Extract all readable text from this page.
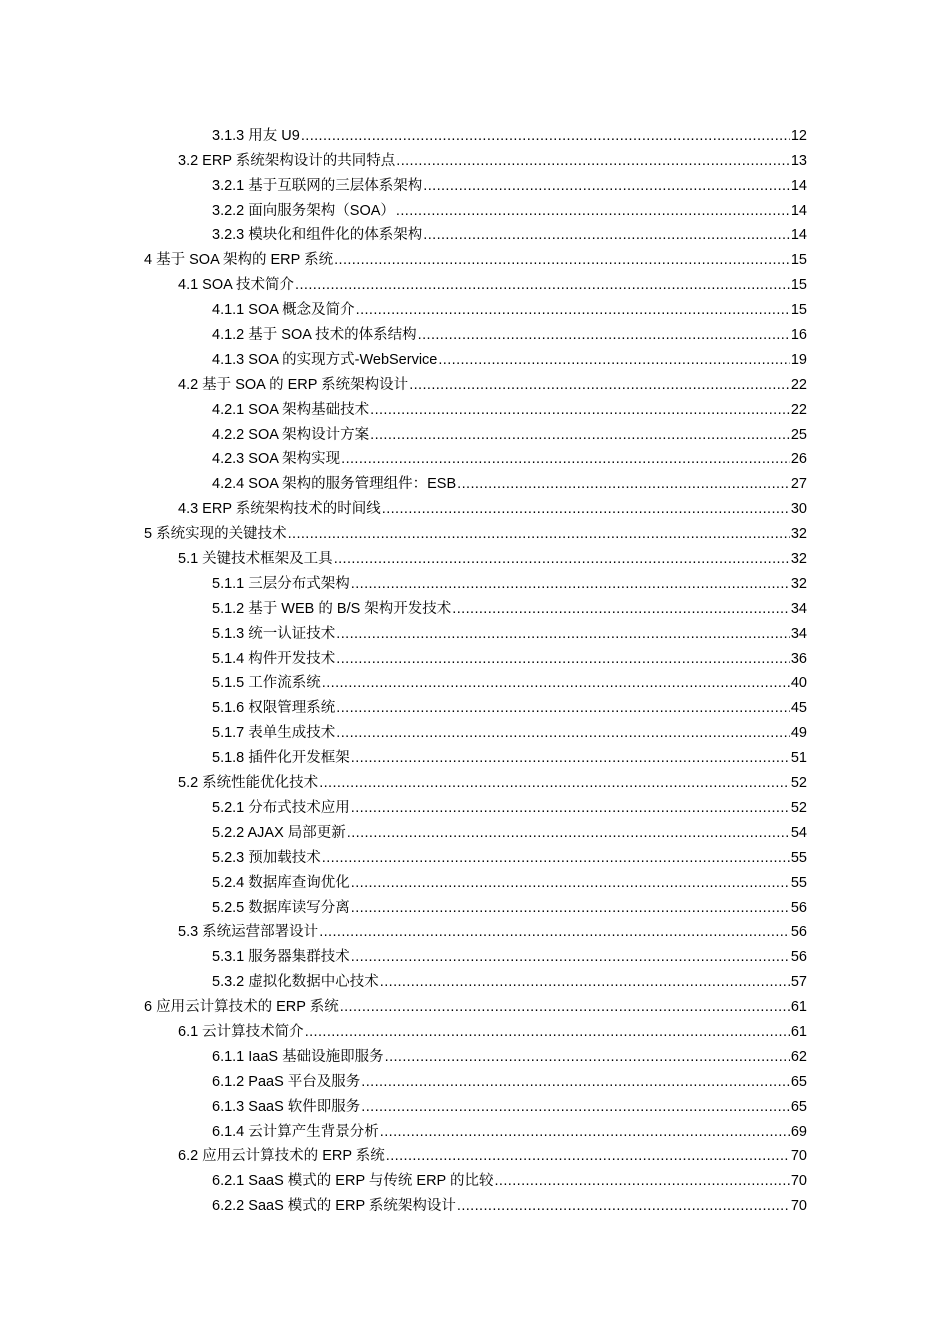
3.1.3 用友 U9 .....	12
3.2 ERP 系统架构设计的共同特点 .....	13
3.2.1 基于互联网的三层体系架构 .....	14
3.2.2 面向服务架构（SOA） .....	14
3.2.3 模块化和组件化的体系架构 .....	14
4 基于 SOA 架构的 ERP 系统 .....	15
4.1 SOA 技术简介 .....	15
4.1.1 SOA 概念及简介 .....	15
4.1.2 基于 SOA 技术的体系结构 .....	16
4.1.3 SOA 的实现方式-WebService .....	19
4.2 基于 SOA 的 ERP 系统架构设计 .....	22
4.2.1 SOA 架构基础技术 .....	22
4.2.2 SOA 架构设计方案 .....	25
4.2.3 SOA 架构实现 .....	26
4.2.4 SOA 架构的服务管理组件：ESB .....	27
4.3 ERP 系统架构技术的时间线 .....	30
5 系统实现的关键技术 .....	32
5.1 关键技术框架及工具 .....	32
5.1.1 三层分布式架构 .....	32
5.1.2 基于 WEB 的 B/S 架构开发技术 .....	34
5.1.3 统一认证技术 .....	34
5.1.4 构件开发技术 .....	36
5.1.5 工作流系统 .....	40
5.1.6 权限管理系统 .....	45
5.1.7 表单生成技术 .....	49
5.1.8 插件化开发框架 .....	51
5.2 系统性能优化技术 .....	52
5.2.1 分布式技术应用 .....	52
5.2.2 AJAX 局部更新 .....	54
5.2.3 预加载技术 .....	55
5.2.4 数据库查询优化 .....	55
5.2.5 数据库读写分离 .....	56
5.3 系统运营部署设计 .....	56
5.3.1 服务器集群技术 .....	56
5.3.2 虚拟化数据中心技术 .....	57
6 应用云计算技术的 ERP 系统 .....	61
6.1 云计算技术简介 .....	61
6.1.1 IaaS 基础设施即服务 .....	62
6.1.2 PaaS 平台及服务 .....	65
6.1.3 SaaS 软件即服务 .....	65
6.1.4 云计算产生背景分析 .....	69
6.2 应用云计算技术的 ERP 系统 .....	70
6.2.1 SaaS 模式的 ERP 与传统 ERP 的比较 .....	70
6.2.2 SaaS 模式的 ERP 系统架构设计 .....	70
